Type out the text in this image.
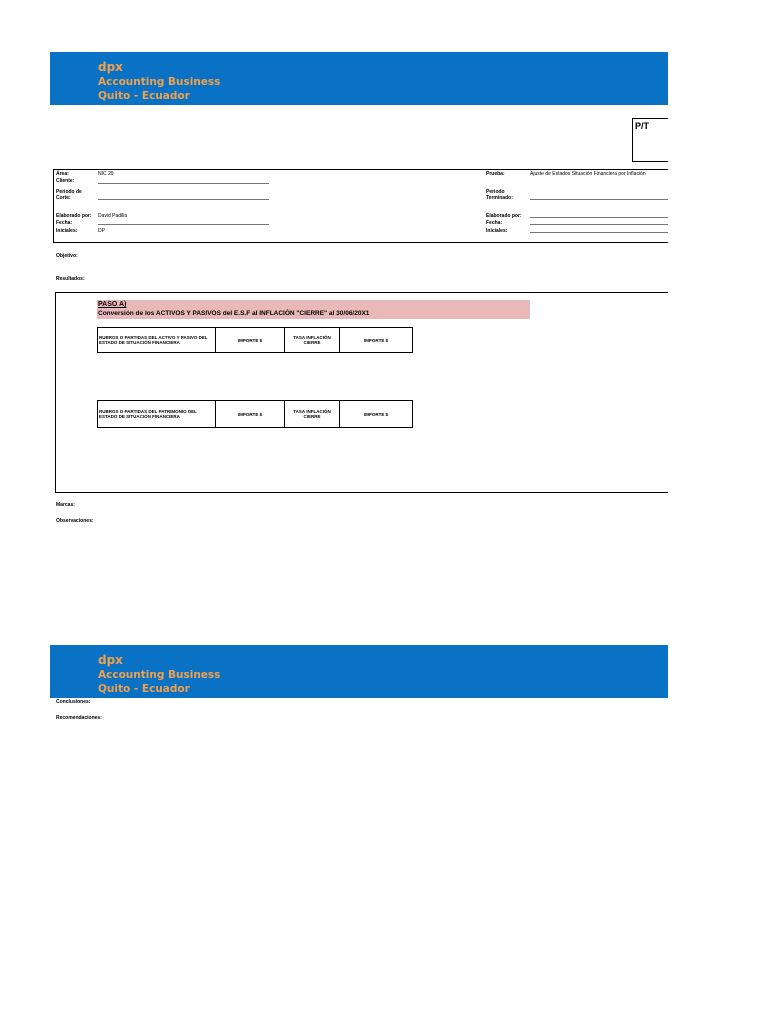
dpx
Accounting Business
Quito - Ecuador
P/T
Área:	NIC 29
Cliente:
Periodo de
Corte:
Elaborado por: David Padilla
Fecha:
Iniciales:	DP
Prueba:	Ajuste de Estados Situación Financiera por Inflación
Periodo
Terminado:
Elaborado por:
Fecha:
Iniciales:
Objetivo:
Resultados:
PASO A)
Conversión de los ACTIVOS Y PASIVOS del E.S.F al INFLACIÓN "CIERRE" al 30/06/20X1
RUBROS O PARTIDAS DEL ACTIVO Y PASIVO DEL ESTADO DE SITUACIÓN FINANCIERA	IMPORTE $	TASA INFLACIÓN CIERRE	IMPORTE $
RUBROS O PARTIDAS DEL PATRIMONIO DEL ESTADO DE SITUACIÓN FINANCIERA	IMPORTE $	TASA INFLACIÓN CIERRE	IMPORTE $
Marcas:
Observaciones:
dpx
Accounting Business
Quito - Ecuador
Conclusiones:
Recomendaciones:
